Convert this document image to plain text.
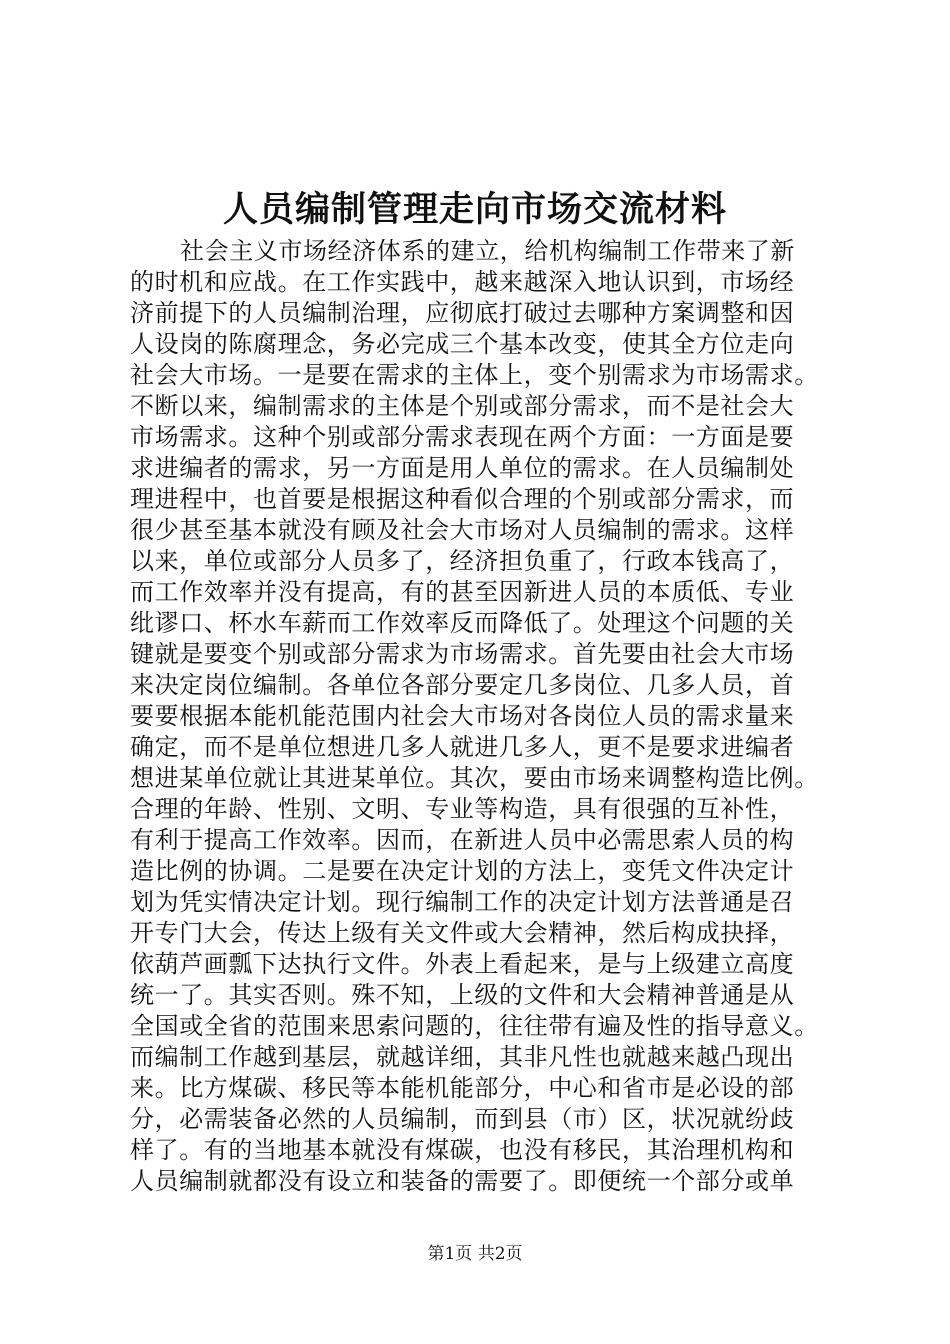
人员编制管理走向市场交流材料
社会主义市场经济体系的建立，给机构编制工作带来了新
的时机和应战。在工作实践中，越来越深入地认识到，市场经
济前提下的人员编制治理，应彻底打破过去哪种方案调整和因
人设岗的陈腐理念，务必完成三个基本改变，使其全方位走向
社会大市场。一是要在需求的主体上，变个别需求为市场需求。
不断以来，编制需求的主体是个别或部分需求，而不是社会大
市场需求。这种个别或部分需求表现在两个方面：一方面是要
求进编者的需求，另一方面是用人单位的需求。在人员编制处
理进程中，也首要是根据这种看似合理的个别或部分需求，而
很少甚至基本就没有顾及社会大市场对人员编制的需求。这样
以来，单位或部分人员多了，经济担负重了，行政本钱高了，
而工作效率并没有提高，有的甚至因新进人员的本质低、专业
纰谬口、杯水车薪而工作效率反而降低了。处理这个问题的关
键就是要变个别或部分需求为市场需求。首先要由社会大市场
来决定岗位编制。各单位各部分要定几多岗位、几多人员，首
要要根据本能机能范围内社会大市场对各岗位人员的需求量来
确定，而不是单位想进几多人就进几多人，更不是要求进编者
想进某单位就让其进某单位。其次，要由市场来调整构造比例。
合理的年龄、性别、文明、专业等构造，具有很强的互补性，
有利于提高工作效率。因而，在新进人员中必需思索人员的构
造比例的协调。二是要在决定计划的方法上，变凭文件决定计
划为凭实情决定计划。现行编制工作的决定计划方法普通是召
开专门大会，传达上级有关文件或大会精神，然后构成抉择，
依葫芦画瓢下达执行文件。外表上看起来，是与上级建立高度
统一了。其实否则。殊不知，上级的文件和大会精神普通是从
全国或全省的范围来思索问题的，往往带有遍及性的指导意义。
而编制工作越到基层，就越详细，其非凡性也就越来越凸现出
来。比方煤碳、移民等本能机能部分，中心和省市是必设的部
分，必需装备必然的人员编制，而到县（市）区，状况就纷歧
样了。有的当地基本就没有煤碳，也没有移民，其治理机构和
人员编制就都没有设立和装备的需要了。即便统一个部分或单
第1页 共2页
